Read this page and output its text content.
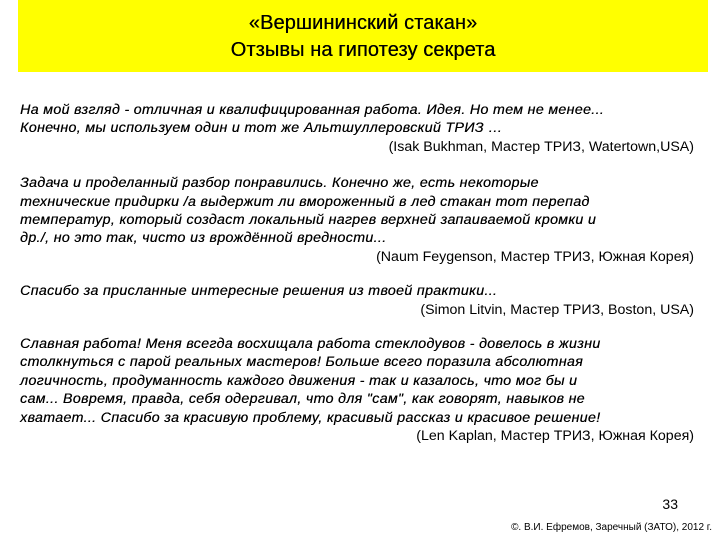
«Вершининский стакан»
Отзывы на гипотезу секрета
На мой взгляд - отличная и квалифицированная работа. Идея. Но тем не менее...
Конечно, мы используем один и тот же Альтшуллеровский ТРИЗ …
(Isak Bukhman, Мастер ТРИЗ, Watertown,USA)
Задача и проделанный разбор понравились. Конечно же, есть некоторые
технические придирки /а выдержит ли вмороженный в лед стакан тот перепад
температур, который создаст локальный нагрев верхней запаиваемой кромки и
др./, но это так, чисто из врождённой вредности...
(Naum Feygenson, Мастер ТРИЗ, Южная Корея)
Спасибо за присланные интересные решения из твоей практики...
(Simon Litvin, Мастер ТРИЗ, Boston, USA)
Славная работа! Меня всегда восхищала работа стеклодувов - довелось в жизни
столкнуться с парой реальных мастеров! Больше всего поразила абсолютная
логичность, продуманность каждого движения - так и казалось, что мог бы и
сам... Вовремя, правда, себя одергивал, что для "сам", как говорят, навыков не
хватает... Спасибо за красивую проблему, красивый рассказ и красивое решение!
(Len Kaplan, Мастер ТРИЗ, Южная Корея)
33
©. В.И. Ефремов, Заречный (ЗАТО), 2012 г.
